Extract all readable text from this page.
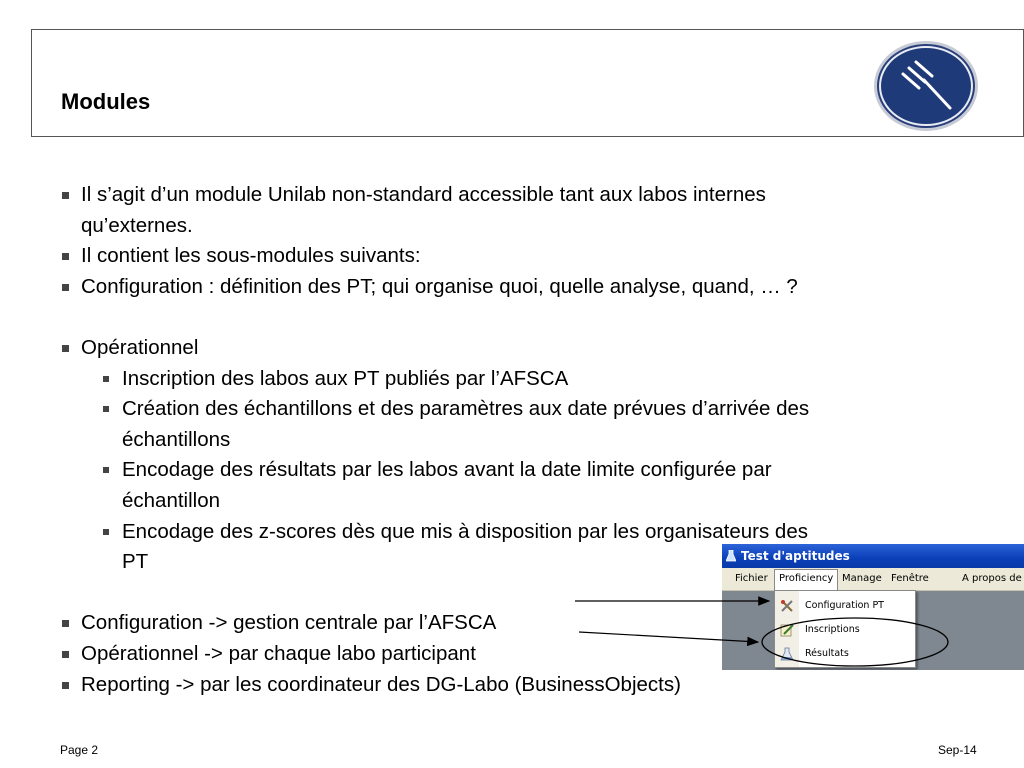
Modules
Il s’agit d’un module Unilab non-standard accessible tant aux labos internes
qu’externes.
Il contient les sous-modules suivants:
Configuration : définition des PT; qui organise quoi, quelle analyse, quand, … ?
Opérationnel
Inscription des labos aux PT publiés par l’AFSCA
Création des échantillons et des paramètres aux date prévues d’arrivée des
échantillons
Encodage des résultats par les labos avant la date limite configurée par
échantillon
Encodage des z-scores dès que mis à disposition par les organisateurs des
PT
Configuration -> gestion centrale par l’AFSCA
Opérationnel -> par chaque labo participant
Reporting -> par les coordinateur des DG-Labo (BusinessObjects)
Test d'aptitudes
Fichier Proficiency Manage Fenêtre	A propos de
Configuration PT
Inscriptions
Résultats
Page 2	Sep-14
